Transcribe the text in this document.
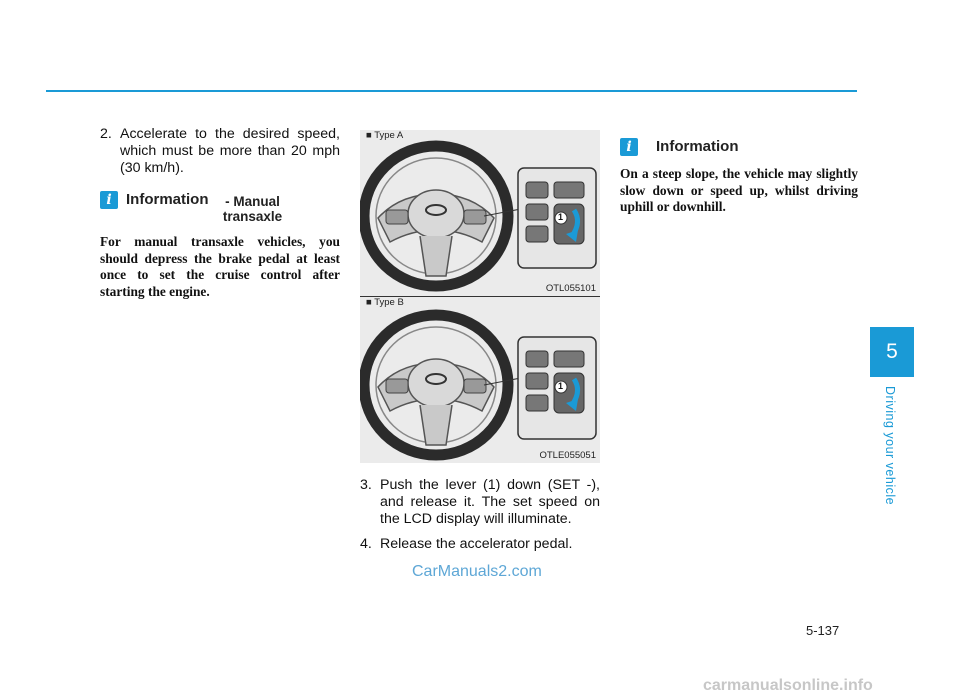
2. Accelerate to the desired speed, which must be more than 20 mph (30 km/h).
i Information	- Manual transaxle

For manual transaxle vehicles, you should depress the brake pedal at least once to set the cruise control after starting the engine.

■ Type A
1
OTL055101
■ Type B
1
OTLE055051
3. Push the lever (1) down (SET -), and release it. The set speed on the LCD display will illuminate.
4. Release the accelerator pedal.
i	Information

On a steep slope, the vehicle may slightly slow down or speed up, whilst driving uphill or downhill.

5
Driving your vehicle
5-137
CarManuals2.com
carmanualsonline.info
